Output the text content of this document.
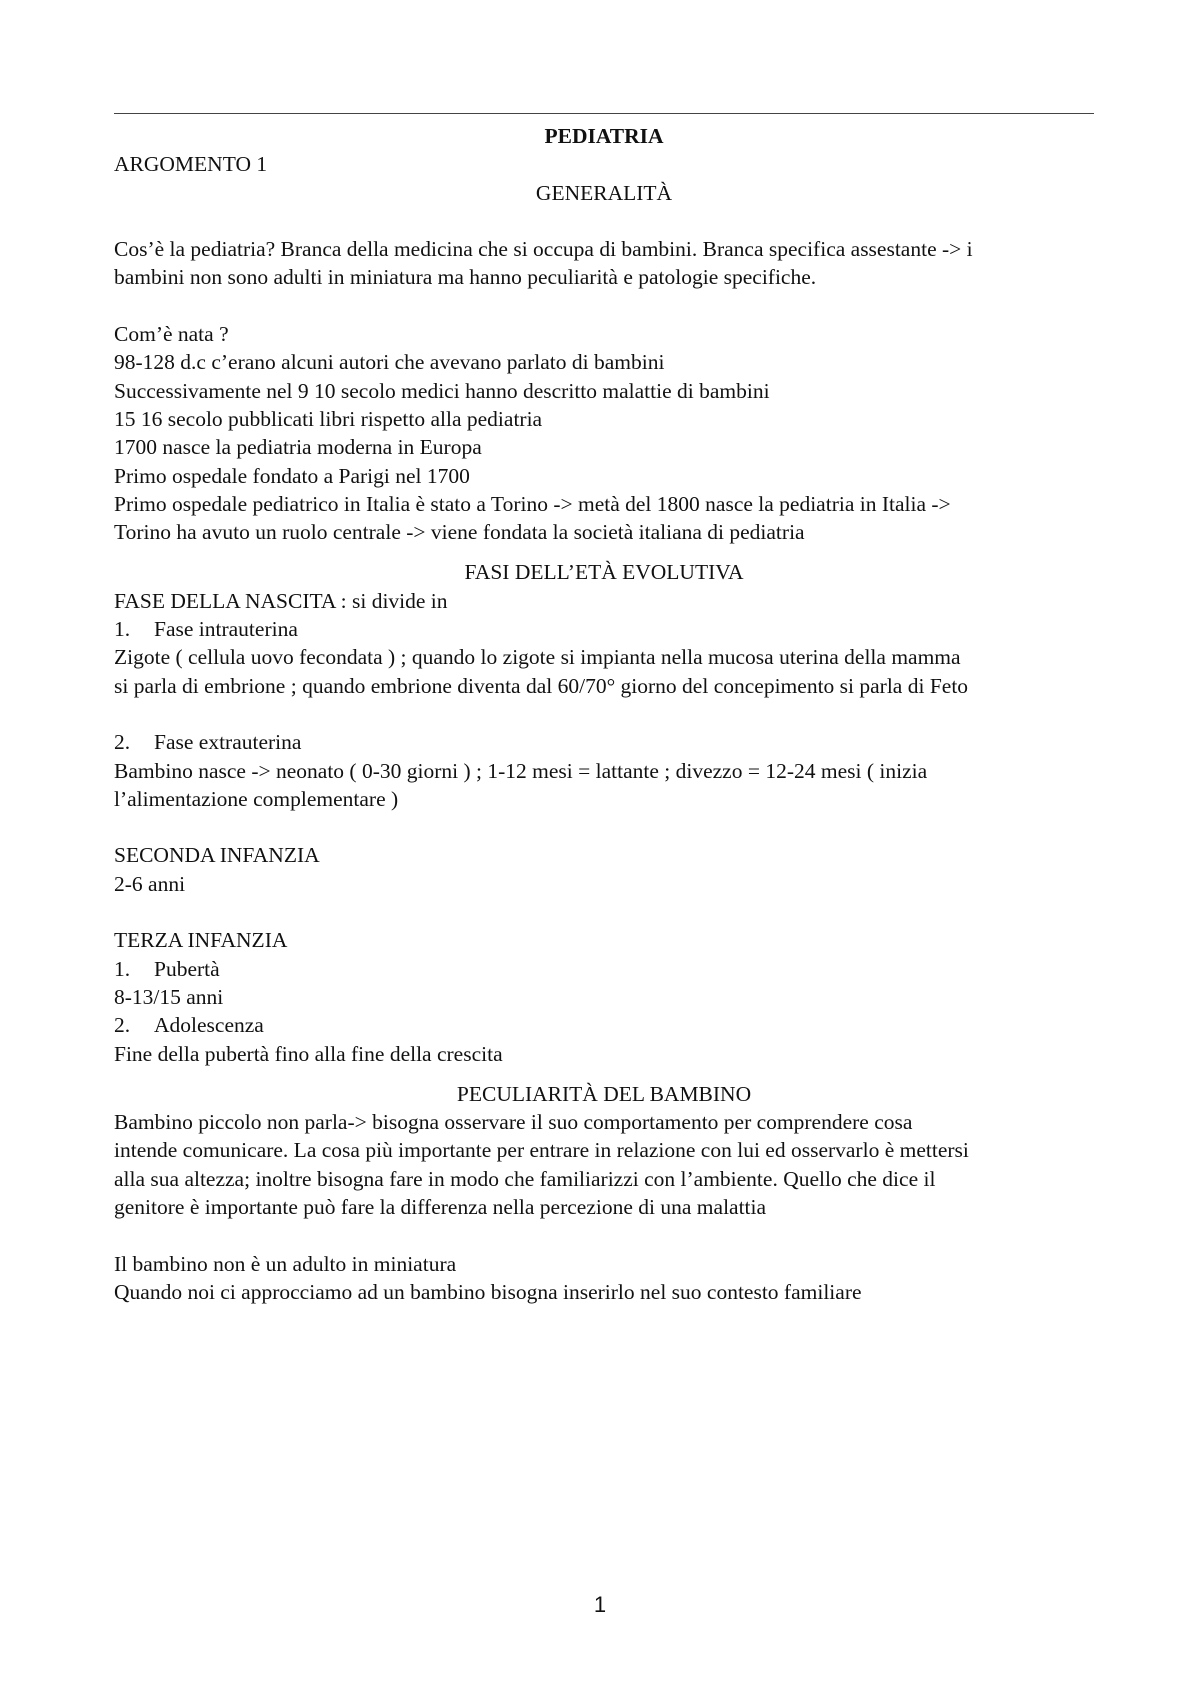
PEDIATRIA
ARGOMENTO 1
GENERALITÀ
Cos’è la pediatria? Branca della medicina che si occupa di bambini. Branca specifica assestante -> i
bambini non sono adulti in miniatura ma hanno peculiarità e patologie specifiche.
Com’è nata ?
98-128 d.c c’erano alcuni autori che avevano parlato di bambini
Successivamente nel 9 10 secolo medici hanno descritto malattie di bambini
15 16 secolo pubblicati libri rispetto alla pediatria
1700 nasce la pediatria moderna in Europa
Primo ospedale fondato a Parigi nel 1700
Primo ospedale pediatrico in Italia è stato a Torino -> metà del 1800 nasce la pediatria in Italia ->
Torino ha avuto un ruolo centrale -> viene fondata la società italiana di pediatria
FASI DELL’ETÀ EVOLUTIVA
FASE DELLA NASCITA : si divide in
1. Fase intrauterina
Zigote ( cellula uovo fecondata ) ; quando lo zigote si impianta nella mucosa uterina della mamma
si parla di embrione ; quando embrione diventa dal 60/70° giorno del concepimento si parla di Feto
2. Fase extrauterina
Bambino nasce -> neonato ( 0-30 giorni ) ; 1-12 mesi = lattante ; divezzo = 12-24 mesi ( inizia
l’alimentazione complementare )
SECONDA INFANZIA
2-6 anni
TERZA INFANZIA
1. Pubertà
8-13/15 anni
2. Adolescenza
Fine della pubertà fino alla fine della crescita
PECULIARITÀ DEL BAMBINO
Bambino piccolo non parla-> bisogna osservare il suo comportamento per comprendere cosa
intende comunicare. La cosa più importante per entrare in relazione con lui ed osservarlo è mettersi
alla sua altezza; inoltre bisogna fare in modo che familiarizzi con l’ambiente. Quello che dice il
genitore è importante può fare la differenza nella percezione di una malattia
Il bambino non è un adulto in miniatura
Quando noi ci approcciamo ad un bambino bisogna inserirlo nel suo contesto familiare
1
